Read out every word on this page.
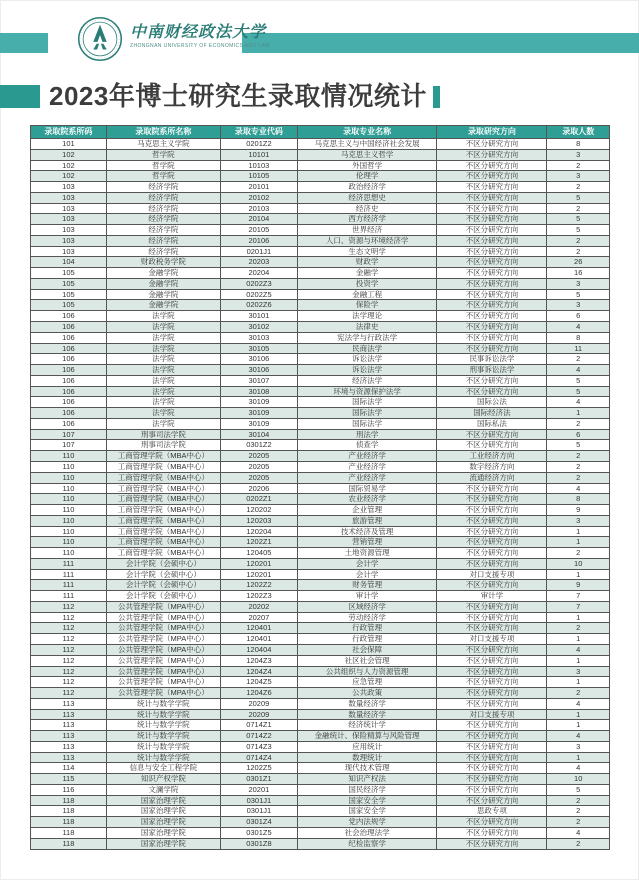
中南财经政法大学
ZHONGNAN UNIVERSITY OF ECONOMICS AND LAW
2023年博士研究生录取情况统计
录取院系所码	录取院系所名称	录取专业代码	录取专业名称	录取研究方向	录取人数
101	马克思主义学院	0201Z2	马克思主义与中国经济社会发展	不区分研究方向	8
102	哲学院	10101	马克思主义哲学	不区分研究方向	3
102	哲学院	10103	外国哲学	不区分研究方向	2
102	哲学院	10105	伦理学	不区分研究方向	3
103	经济学院	20101	政治经济学	不区分研究方向	2
103	经济学院	20102	经济思想史	不区分研究方向	5
103	经济学院	20103	经济史	不区分研究方向	2
103	经济学院	20104	西方经济学	不区分研究方向	5
103	经济学院	20105	世界经济	不区分研究方向	5
103	经济学院	20106	人口、资源与环境经济学	不区分研究方向	2
103	经济学院	0201J1	生态文明学	不区分研究方向	2
104	财政税务学院	20203	财政学	不区分研究方向	26
105	金融学院	20204	金融学	不区分研究方向	16
105	金融学院	0202Z3	投资学	不区分研究方向	3
105	金融学院	0202Z5	金融工程	不区分研究方向	5
105	金融学院	0202Z6	保险学	不区分研究方向	3
106	法学院	30101	法学理论	不区分研究方向	6
106	法学院	30102	法律史	不区分研究方向	4
106	法学院	30103	宪法学与行政法学	不区分研究方向	8
106	法学院	30105	民商法学	不区分研究方向	11
106	法学院	30106	诉讼法学	民事诉讼法学	2
106	法学院	30106	诉讼法学	刑事诉讼法学	4
106	法学院	30107	经济法学	不区分研究方向	5
106	法学院	30108	环境与资源保护法学	不区分研究方向	5
106	法学院	30109	国际法学	国际公法	4
106	法学院	30109	国际法学	国际经济法	1
106	法学院	30109	国际法学	国际私法	2
107	刑事司法学院	30104	刑法学	不区分研究方向	6
107	刑事司法学院	0301Z2	侦查学	不区分研究方向	5
110	工商管理学院（MBA中心）	20205	产业经济学	工业经济方向	2
110	工商管理学院（MBA中心）	20205	产业经济学	数字经济方向	2
110	工商管理学院（MBA中心）	20205	产业经济学	流通经济方向	2
110	工商管理学院（MBA中心）	20206	国际贸易学	不区分研究方向	4
110	工商管理学院（MBA中心）	0202Z1	农业经济学	不区分研究方向	8
110	工商管理学院（MBA中心）	120202	企业管理	不区分研究方向	9
110	工商管理学院（MBA中心）	120203	旅游管理	不区分研究方向	3
110	工商管理学院（MBA中心）	120204	技术经济及管理	不区分研究方向	1
110	工商管理学院（MBA中心）	1202Z1	营销管理	不区分研究方向	1
110	工商管理学院（MBA中心）	120405	土地资源管理	不区分研究方向	2
111	会计学院（会硕中心）	120201	会计学	不区分研究方向	10
111	会计学院（会硕中心）	120201	会计学	对口支援专项	1
111	会计学院（会硕中心）	1202Z2	财务管理	不区分研究方向	9
111	会计学院（会硕中心）	1202Z3	审计学	审计学	7
112	公共管理学院（MPA中心）	20202	区域经济学	不区分研究方向	7
112	公共管理学院（MPA中心）	20207	劳动经济学	不区分研究方向	1
112	公共管理学院（MPA中心）	120401	行政管理	不区分研究方向	2
112	公共管理学院（MPA中心）	120401	行政管理	对口支援专项	1
112	公共管理学院（MPA中心）	120404	社会保障	不区分研究方向	4
112	公共管理学院（MPA中心）	1204Z3	社区社会管理	不区分研究方向	1
112	公共管理学院（MPA中心）	1204Z4	公共组织与人力资源管理	不区分研究方向	3
112	公共管理学院（MPA中心）	1204Z5	应急管理	不区分研究方向	1
112	公共管理学院（MPA中心）	1204Z6	公共政策	不区分研究方向	2
113	统计与数学学院	20209	数量经济学	不区分研究方向	4
113	统计与数学学院	20209	数量经济学	对口支援专项	1
113	统计与数学学院	0714Z1	经济统计学	不区分研究方向	1
113	统计与数学学院	0714Z2	金融统计、保险精算与风险管理	不区分研究方向	4
113	统计与数学学院	0714Z3	应用统计	不区分研究方向	3
113	统计与数学学院	0714Z4	数理统计	不区分研究方向	1
114	信息与安全工程学院	1202Z5	现代技术管理	不区分研究方向	4
115	知识产权学院	0301Z1	知识产权法	不区分研究方向	10
116	文澜学院	20201	国民经济学	不区分研究方向	5
118	国家治理学院	0301J1	国家安全学	不区分研究方向	2
118	国家治理学院	0301J1	国家安全学	思政专项	2
118	国家治理学院	0301Z4	党内法规学	不区分研究方向	2
118	国家治理学院	0301Z5	社会治理法学	不区分研究方向	4
118	国家治理学院	0301Z8	纪检监察学	不区分研究方向	2
